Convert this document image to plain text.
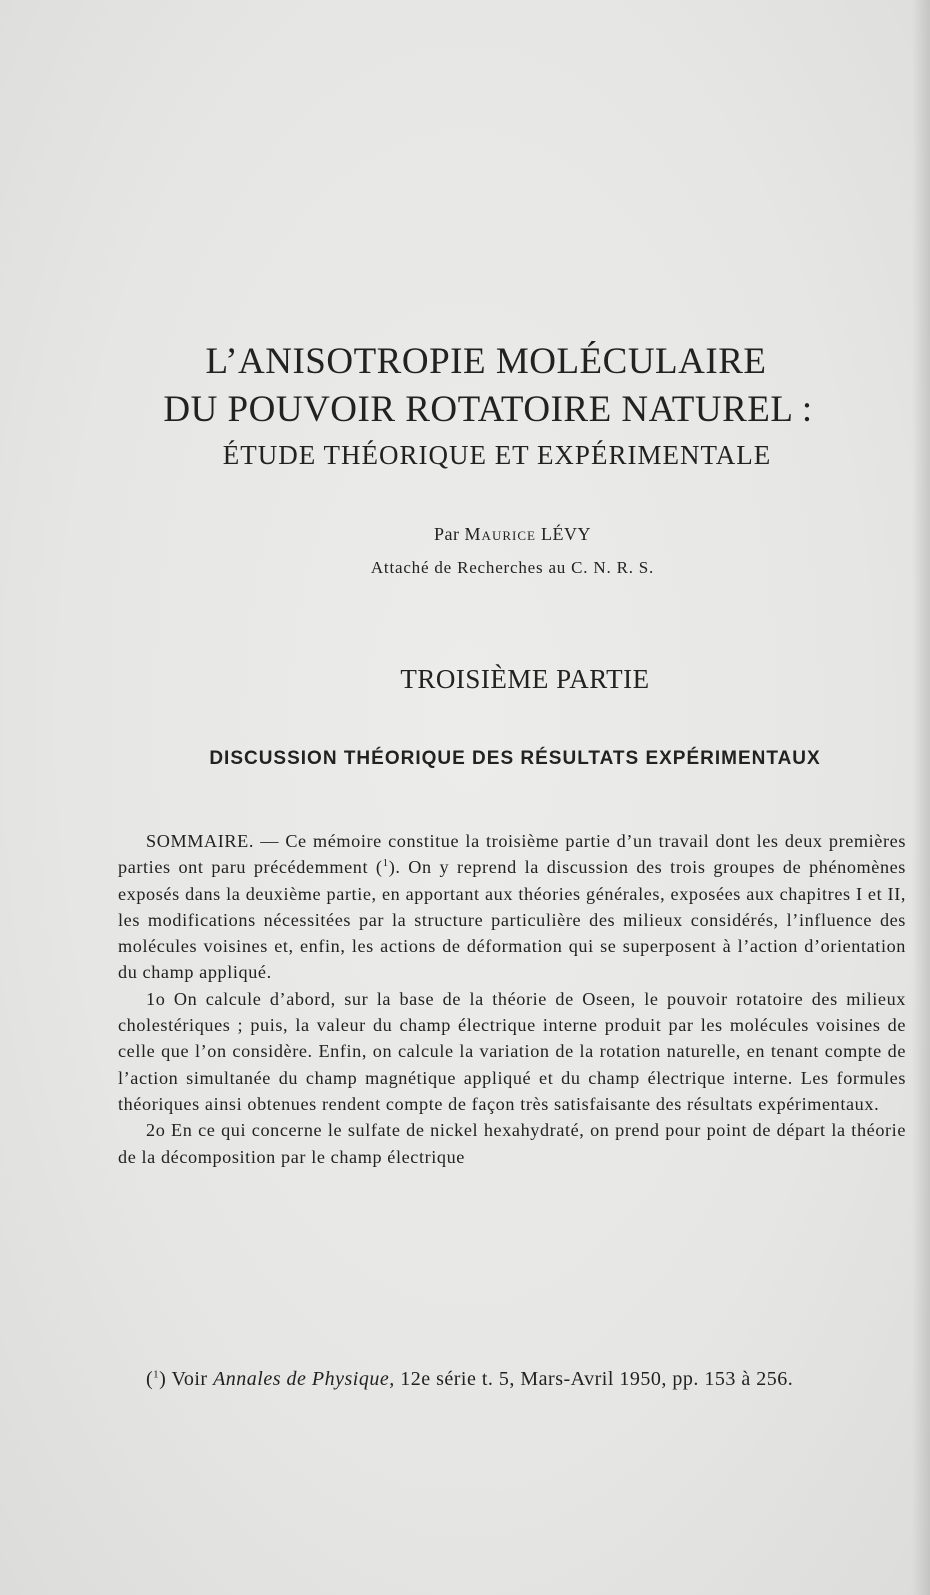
L’ANISOTROPIE MOLÉCULAIRE
DU POUVOIR ROTATOIRE NATUREL :
ÉTUDE THÉORIQUE ET EXPÉRIMENTALE
Par Maurice LÉVY
Attaché de Recherches au C. N. R. S.
TROISIÈME PARTIE
DISCUSSION THÉORIQUE DES RÉSULTATS EXPÉRIMENTAUX

SOMMAIRE. — Ce mémoire constitue la troisième partie d’un travail dont les deux premières parties ont paru précédemment ($^1$). On y reprend la discussion des trois groupes de phénomènes exposés dans la deuxième partie, en apportant aux théories générales, exposées aux chapitres I et II, les modifications nécessitées par la structure particulière des milieux considérés, l’influence des molécules voisines et, enfin, les actions de déformation qui se superposent à l’action d’orientation du champ appliqué.

1o On calcule d’abord, sur la base de la théorie de Oseen, le pouvoir rotatoire des milieux cholestériques ; puis, la valeur du champ électrique interne produit par les molécules voisines de celle que l’on considère. Enfin, on calcule la variation de la rotation naturelle, en tenant compte de l’action simultanée du champ magnétique appliqué et du champ électrique interne. Les formules théoriques ainsi obtenues rendent compte de façon très satisfaisante des résultats expérimentaux.

2o En ce qui concerne le sulfate de nickel hexahydraté, on prend pour point de départ la théorie de la décomposition par le champ électrique

($^1$) Voir Annales de Physique, 12e série t. 5, Mars-Avril 1950, pp. 153 à 256.
